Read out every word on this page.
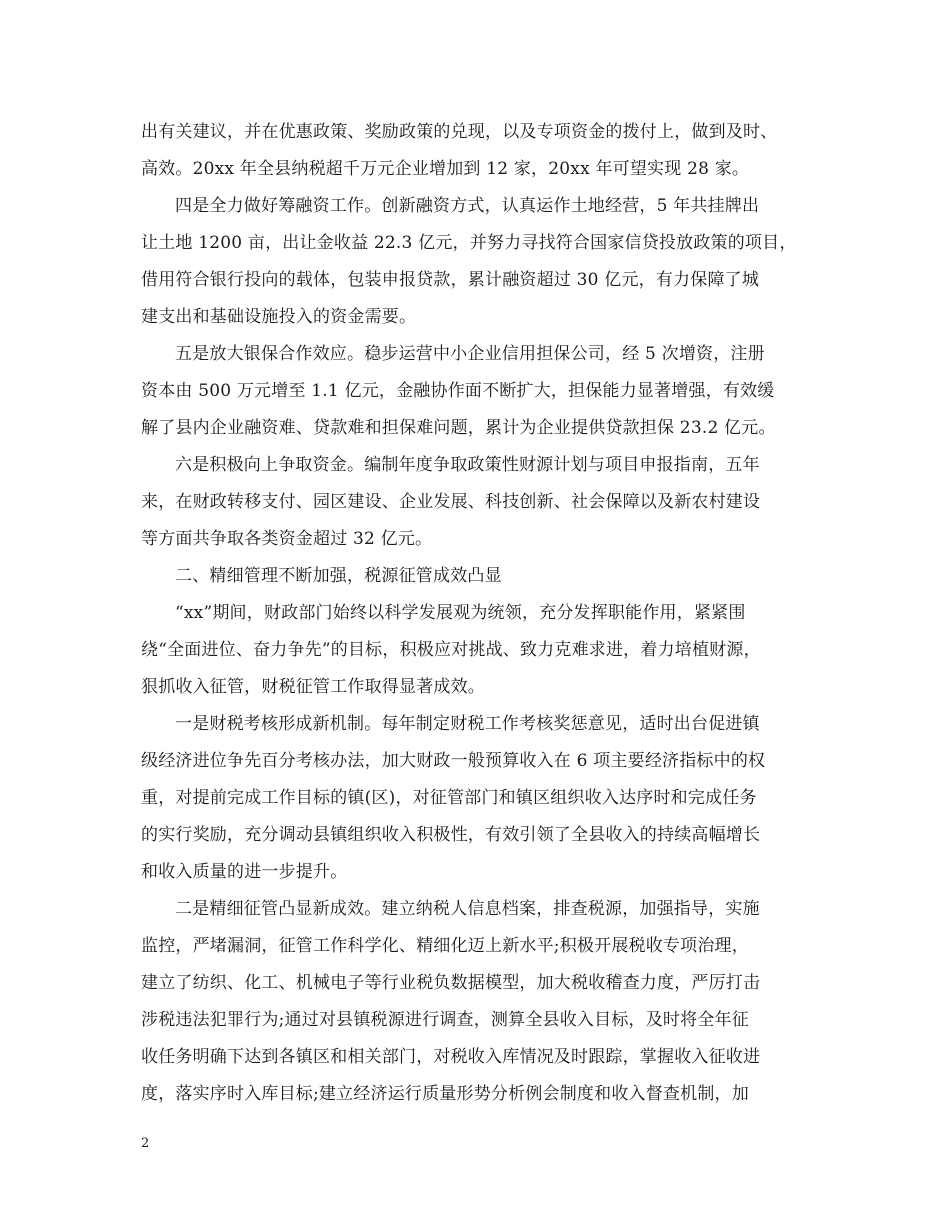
出有关建议，并在优惠政策、奖励政策的兑现，以及专项资金的拨付上，做到及时、
高效。20xx 年全县纳税超千万元企业增加到 12 家，20xx 年可望实现 28 家。
四是全力做好筹融资工作。创新融资方式，认真运作土地经营，5 年共挂牌出
让土地 1200 亩，出让金收益 22.3 亿元，并努力寻找符合国家信贷投放政策的项目，
借用符合银行投向的载体，包装申报贷款，累计融资超过 30 亿元，有力保障了城
建支出和基础设施投入的资金需要。
五是放大银保合作效应。稳步运营中小企业信用担保公司，经 5 次增资，注册
资本由 500 万元增至 1.1 亿元，金融协作面不断扩大，担保能力显著增强，有效缓
解了县内企业融资难、贷款难和担保难问题，累计为企业提供贷款担保 23.2 亿元。
六是积极向上争取资金。编制年度争取政策性财源计划与项目申报指南，五年
来，在财政转移支付、园区建设、企业发展、科技创新、社会保障以及新农村建设
等方面共争取各类资金超过 32 亿元。
二、精细管理不断加强，税源征管成效凸显
“xx”期间，财政部门始终以科学发展观为统领，充分发挥职能作用，紧紧围
绕“全面进位、奋力争先”的目标，积极应对挑战、致力克难求进，着力培植财源，
狠抓收入征管，财税征管工作取得显著成效。
一是财税考核形成新机制。每年制定财税工作考核奖惩意见，适时出台促进镇
级经济进位争先百分考核办法，加大财政一般预算收入在 6 项主要经济指标中的权
重，对提前完成工作目标的镇(区)，对征管部门和镇区组织收入达序时和完成任务
的实行奖励，充分调动县镇组织收入积极性，有效引领了全县收入的持续高幅增长
和收入质量的进一步提升。
二是精细征管凸显新成效。建立纳税人信息档案，排查税源，加强指导，实施
监控，严堵漏洞，征管工作科学化、精细化迈上新水平;积极开展税收专项治理，
建立了纺织、化工、机械电子等行业税负数据模型，加大税收稽查力度，严厉打击
涉税违法犯罪行为;通过对县镇税源进行调查，测算全县收入目标，及时将全年征
收任务明确下达到各镇区和相关部门，对税收入库情况及时跟踪，掌握收入征收进
度，落实序时入库目标;建立经济运行质量形势分析例会制度和收入督查机制，加
2
